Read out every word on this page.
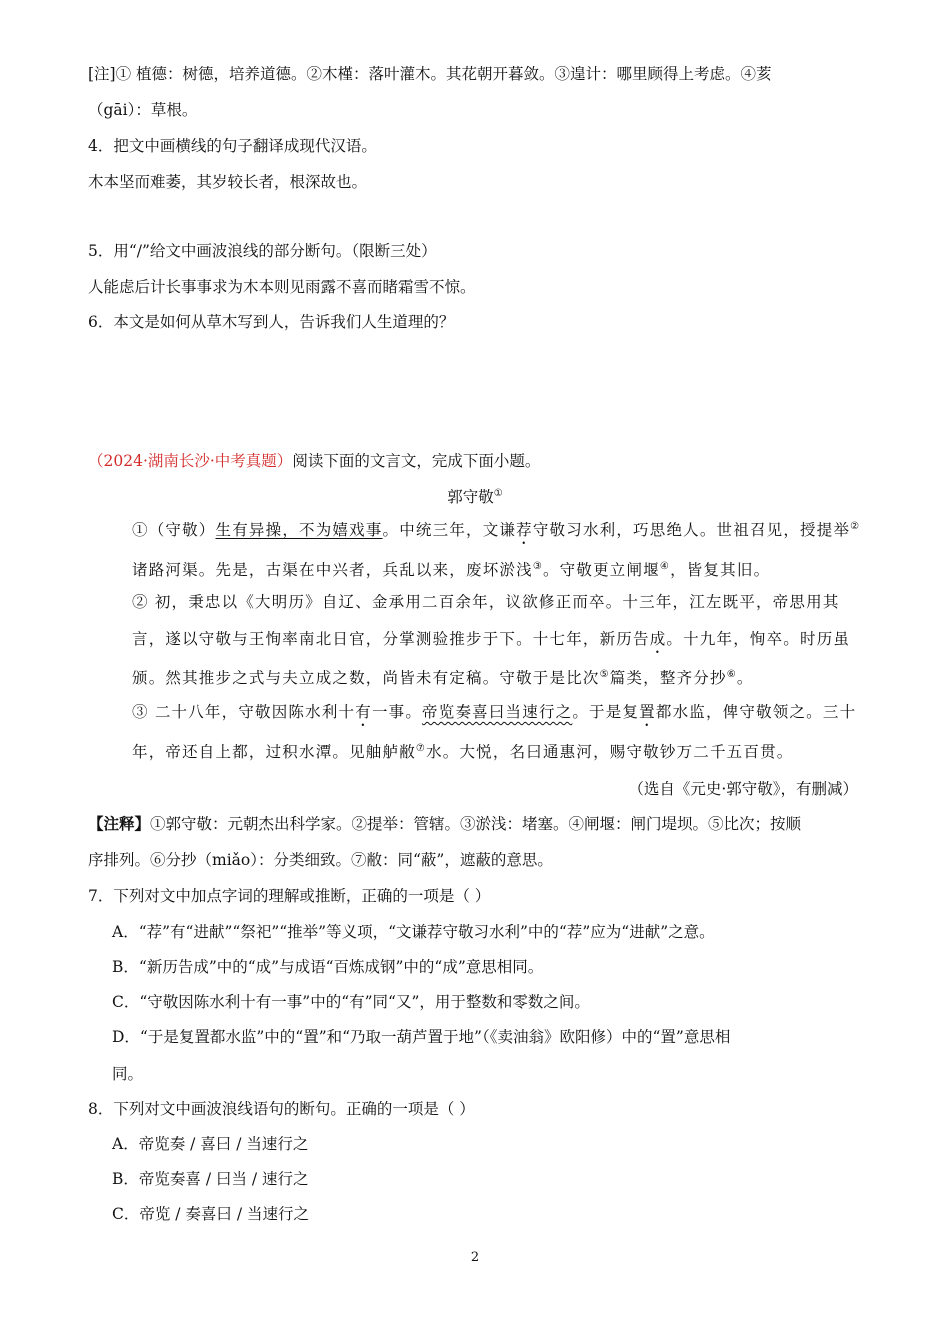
[注]① 植德：树德，培养道德。②木槿：落叶灌木。其花朝开暮敛。③遑计：哪里顾得上考虑。④荄
（gāi）：草根。
4．把文中画横线的句子翻译成现代汉语。
木本坚而难萎，其岁较长者，根深故也。
5．用“/”给文中画波浪线的部分断句。（限断三处）
人能虑后计长事事求为木本则见雨露不喜而睹霜雪不惊。
6．本文是如何从草木写到人，告诉我们人生道理的？
（2024·湖南长沙·中考真题）阅读下面的文言文，完成下面小题。
郭守敬①
①（守敬）生有异操，不为嬉戏事。中统三年，文谦荐守敬习水利，巧思绝人。世祖召见，授提举②诸路河渠。先是，古渠在中兴者，兵乱以来，废坏淤浅③。守敬更立闸堰④，皆复其旧。
② 初，秉忠以《大明历》自辽、金承用二百余年，议欲修正而卒。十三年，江左既平，帝思用其言，遂以守敬与王恂率南北日官，分掌测验推步于下。十七年，新历告成。十九年，恂卒。时历虽颁。然其推步之式与夫立成之数，尚皆未有定稿。守敬于是比次⑤篇类，整齐分抄⑥。
③ 二十八年，守敬因陈水利十有一事。帝览奏喜曰当速行之。于是复置都水监，俾守敬领之。三十年，帝还自上都，过积水潭。见舳舻敝⑦水。大悦，名曰通惠河，赐守敬钞万二千五百贯。
（选自《元史·郭守敬》，有删减）
【注释】①郭守敬：元朝杰出科学家。②提举：管辖。③淤浅：堵塞。④闸堰：闸门堤坝。⑤比次；按顺
序排列。⑥分抄（miǎo）：分类细致。⑦敝：同“蔽”，遮蔽的意思。
7．下列对文中加点字词的理解或推断，正确的一项是（ ）
A．“荐”有“进献”“祭祀”“推举”等义项，“文谦荐守敬习水利”中的“荐”应为“进献”之意。
B．“新历告成”中的“成”与成语“百炼成钢”中的“成”意思相同。
C．“守敬因陈水利十有一事”中的“有”同“又”，用于整数和零数之间。
D．“于是复置都水监”中的“置”和“乃取一葫芦置于地”（《卖油翁》欧阳修）中的“置”意思相
同。
8．下列对文中画波浪线语句的断句。正确的一项是（ ）
A．帝览奏 / 喜曰 / 当速行之
B．帝览奏喜 / 曰当 / 速行之
C．帝览 / 奏喜曰 / 当速行之
2
